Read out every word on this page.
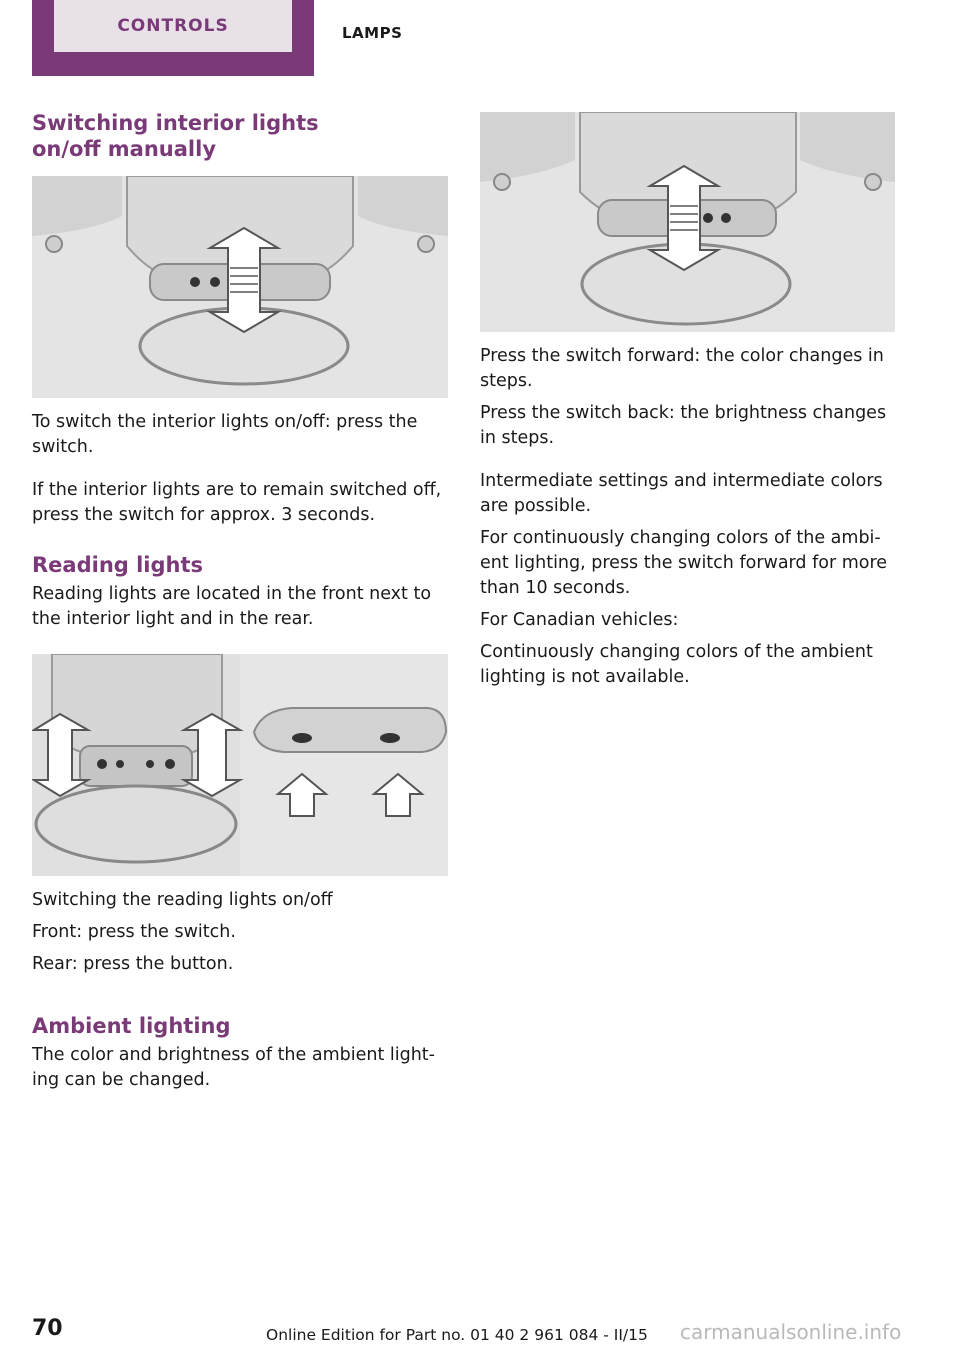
CONTROLS	LAMPS
Switching interior lights on/off manually

To switch the interior lights on/off: press the switch.

If the interior lights are to remain switched off, press the switch for approx. 3 seconds.

Reading lights

Reading lights are located in the front next to the interior light and in the rear.

Switching the reading lights on/off

Front: press the switch.

Rear: press the button.

Ambient lighting

The color and brightness of the ambient light‐ing can be changed.

Press the switch forward: the color changes in steps.

Press the switch back: the brightness changes in steps.

Intermediate settings and intermediate colors are possible.

For continuously changing colors of the ambi‐ent lighting, press the switch forward for more than 10 seconds.

For Canadian vehicles:

Continuously changing colors of the ambient lighting is not available.

70	Online Edition for Part no. 01 40 2 961 084 - II/15 carmanualsonline.info
